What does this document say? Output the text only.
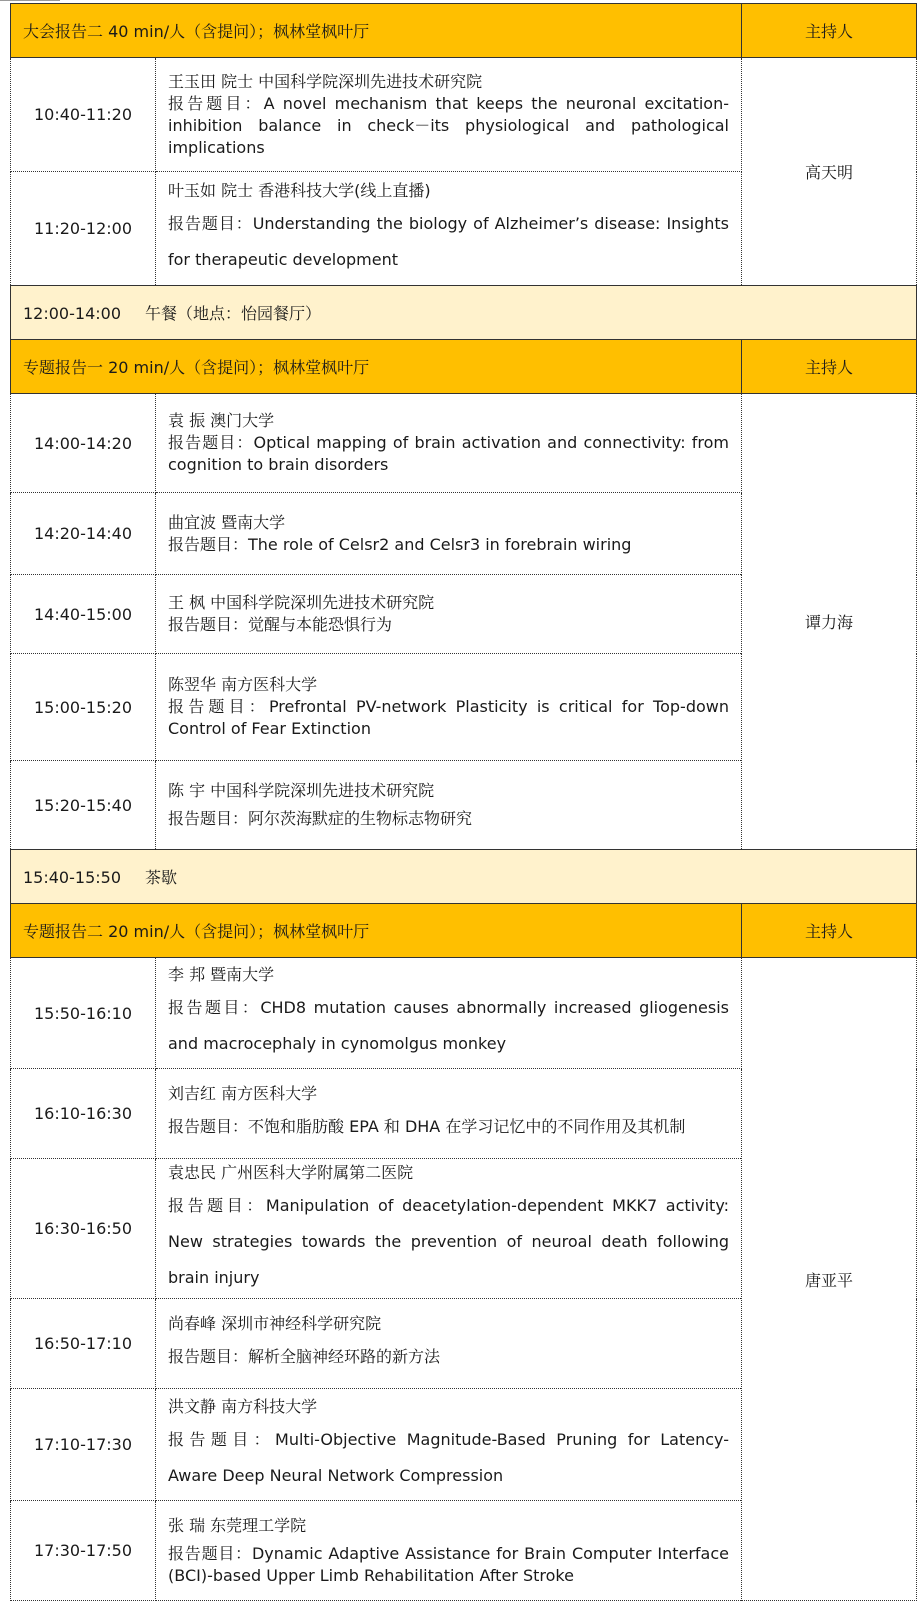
大会报告二 40 min/人（含提问）；枫林堂枫叶厅		主持人
10:40-11:20	王玉田 院士 中国科学院深圳先进技术研究院
报告题目：A novel mechanism that keeps the neuronal excitation-inhibition balance in check－its physiological and pathological implications	高天明
11:20-12:00	叶玉如 院士 香港科技大学(线上直播)
报告题目：Understanding the biology of Alzheimer’s disease: Insights for therapeutic development	

12:00-14:00 午餐（地点：怡园餐厅）		
专题报告一 20 min/人（含提问）；枫林堂枫叶厅		主持人
14:00-14:20	袁 振 澳门大学
报告题目：Optical mapping of brain activation and connectivity: from cognition to brain disorders	谭力海
14:20-14:40	曲宜波 暨南大学
报告题目：The role of Celsr2 and Celsr3 in forebrain wiring	

14:40-15:00	王 枫 中国科学院深圳先进技术研究院
报告题目：觉醒与本能恐惧行为	

15:00-15:20	陈翌华 南方医科大学
报告题目：Prefrontal PV-network Plasticity is critical for Top-down Control of Fear Extinction	

15:20-15:40	陈 宇 中国科学院深圳先进技术研究院
报告题目：阿尔茨海默症的生物标志物研究	

15:40-15:50 茶歇		
专题报告二 20 min/人（含提问）；枫林堂枫叶厅		主持人
15:50-16:10	李 邦 暨南大学
报告题目：CHD8 mutation causes abnormally increased gliogenesis and macrocephaly in cynomolgus monkey	唐亚平
16:10-16:30	刘吉红 南方医科大学
报告题目：不饱和脂肪酸 EPA 和 DHA 在学习记忆中的不同作用及其机制	

16:30-16:50	袁忠民 广州医科大学附属第二医院
报告题目：Manipulation of deacetylation-dependent MKK7 activity: New strategies towards the prevention of neuroal death following brain injury	

16:50-17:10	尚春峰 深圳市神经科学研究院
报告题目：解析全脑神经环路的新方法	

17:10-17:30	洪文静 南方科技大学
报告题目：Multi-Objective Magnitude-Based Pruning for Latency-Aware Deep Neural Network Compression	

17:30-17:50	张 瑞 东莞理工学院
报告题目：Dynamic Adaptive Assistance for Brain Computer Interface (BCI)-based Upper Limb Rehabilitation After Stroke	
